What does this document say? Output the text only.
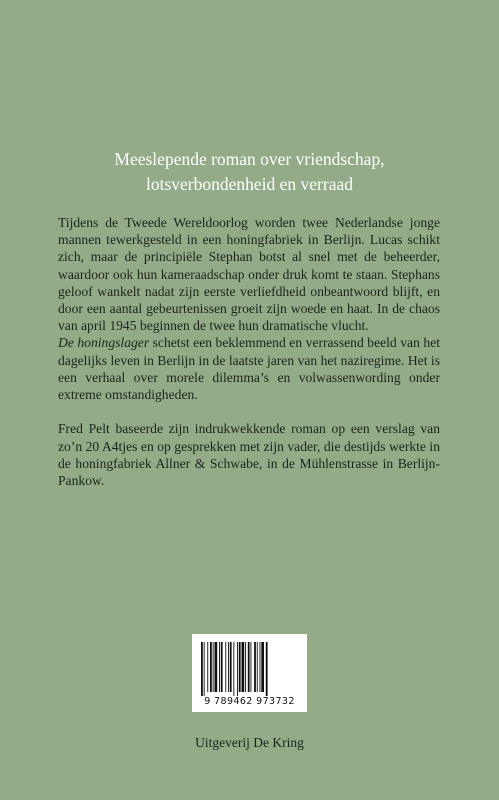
Meeslepende roman over vriendschap,
lotsverbondenheid en verraad

Tijdens de Tweede Wereldoorlog worden twee Nederlandse jonge mannen tewerkgesteld in een honingfabriek in Berlijn. Lucas schikt zich, maar de principiële Stephan botst al snel met de beheerder, waardoor ook hun kameraadschap onder druk komt te staan. Stephans geloof wankelt nadat zijn eerste verliefdheid onbeantwoord blijft, en door een aantal gebeurtenissen groeit zijn woede en haat. In de chaos van april 1945 beginnen de twee hun dramatische vlucht.

De honingslager schetst een beklemmend en verrassend beeld van het dagelijks leven in Berlijn in de laatste jaren van het naziregime. Het is een verhaal over morele dilemma’s en volwassenwording onder extreme omstandigheden.

Fred Pelt baseerde zijn indrukwekkende roman op een verslag van zo’n 20 A4tjes en op gesprekken met zijn vader, die destijds werkte in de honingfabriek Allner & Schwabe, in de Mühlenstrasse in Berlijn-Pankow.

9 789462 973732
Uitgeverij De Kring
